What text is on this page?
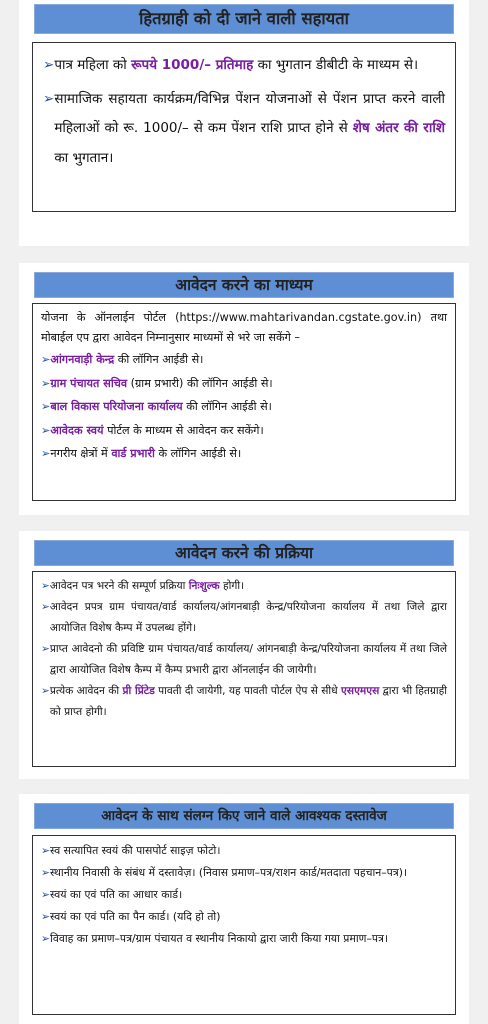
हितग्राही को दी जाने वाली सहायता
➢ पात्र महिला को रूपये 1000/– प्रतिमाह का भुगतान डीबीटी के माध्यम से।
➢ सामाजिक सहायता कार्यक्रम/विभिन्न पेंशन योजनाओं से पेंशन प्राप्त करने वाली महिलाओं को रू. 1000/– से कम पेंशन राशि प्राप्त होने से शेष अंतर की राशि का भुगतान।
आवेदन करने का माध्यम
योजना के ऑनलाईन पोर्टल (https://www.mahtarivandan.cgstate.gov.in) तथा मोबाईल एप द्वारा आवेदन निम्नानुसार माध्यमों से भरे जा सकेंगे –
➢ आंगनवाड़ी केन्द्र की लॉगिन आईडी से।
➢ ग्राम पंचायत सचिव (ग्राम प्रभारी) की लॉगिन आईडी से।
➢ बाल विकास परियोजना कार्यालय की लॉगिन आईडी से।
➢ आवेदक स्वयं पोर्टल के माध्यम से आवेदन कर सकेंगे।
➢ नगरीय क्षेत्रों में वार्ड प्रभारी के लॉगिन आईडी से।
आवेदन करने की प्रक्रिया
➢ आवेदन पत्र भरने की सम्पूर्ण प्रक्रिया निःशुल्क होगी।
➢ आवेदन प्रपत्र ग्राम पंचायत/वार्ड कार्यालय/आंगनबाड़ी केन्द्र/परियोजना कार्यालय में तथा जिले द्वारा आयोजित विशेष कैम्प में उपलब्ध होंगे।
➢ प्राप्त आवेदनो की प्रविष्टि ग्राम पंचायत/वार्ड कार्यालय/ आंगनबाड़ी केन्द्र/परियोजना कार्यालय में तथा जिले द्वारा आयोजित विशेष कैम्प में कैम्प प्रभारी द्वारा ऑनलाईन की जायेगी।
➢ प्रत्येक आवेदन की प्री प्रिंटेड पावती दी जायेगी, यह पावती पोर्टल ऐप से सीधे एसएमएस द्वारा भी हितग्राही को प्राप्त होगी।
आवेदन के साथ संलग्न किए जाने वाले आवश्यक दस्तावेज
➢ स्व सत्यापित स्वयं की पासपोर्ट साइज़ फोटो।
➢ स्थानीय निवासी के संबंध में दस्तावेज़। (निवास प्रमाण–पत्र/राशन कार्ड/मतदाता पहचान–पत्र)।
➢ स्वयं का एवं पति का आधार कार्ड।
➢ स्वयं का एवं पति का पैन कार्ड। (यदि हो तो)
➢ विवाह का प्रमाण–पत्र/ग्राम पंचायत व स्थानीय निकायो द्वारा जारी किया गया प्रमाण–पत्र।
